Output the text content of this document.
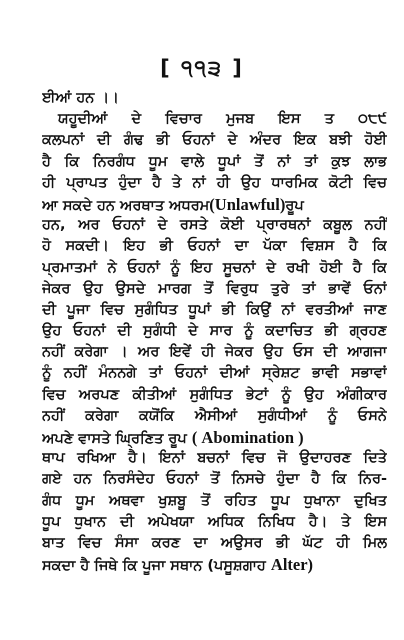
[ ੧੧੩ ]
ਈਆਂ ਹਨ ।।
ਯਹੂਦੀਆਂ ਦੇ ਵਿਚਾਰ ਮੁਜਬ ਇਸ ਤ ੦੮੯
ਕਲਪਨਾਂ ਦੀ ਗੰਢ ਭੀ ਓਹਨਾਂ ਦੇ ਅੰਦਰ ਇਕ ਬਝੀ ਹੋਈ
ਹੈ ਕਿ ਨਿਰਗੰਧ ਧੂਮ ਵਾਲੇ ਧੂਪਾਂ ਤੋਂ ਨਾਂ ਤਾਂ ਕੁਝ ਲਾਭ
ਹੀ ਪ੍ਰਾਪਤ ਹੁੰਦਾ ਹੈ ਤੇ ਨਾਂ ਹੀ ਉਹ ਧਾਰਮਿਕ ਕੋਟੀ ਵਿਚ
ਆ ਸਕਦੇ ਹਨ ਅਰਥਾਤ ਅਧਰਮ(Unlawful)ਰੂਪ
ਹਨ, ਅਰ ਓਹਨਾਂ ਦੇ ਰਸਤੇ ਕੋਈ ਪ੍ਰਾਰਥਨਾਂ ਕਬੂਲ ਨਹੀਂ
ਹੋ ਸਕਦੀ। ਇਹ ਭੀ ਓਹਨਾਂ ਦਾ ਪੱਕਾ ਵਿਸ਼ਸ ਹੈ ਕਿ
ਪ੍ਰਮਾਤਮਾਂ ਨੇ ਓਹਨਾਂ ਨੂੰ ਇਹ ਸੂਚਨਾਂ ਦੇ ਰਖੀ ਹੋਈ ਹੈ ਕਿ
ਜੇਕਰ ਉਹ ਉਸਦੇ ਮਾਰਗ ਤੋਂ ਵਿਰੁਧ ਤੁਰੇ ਤਾਂ ਭਾਵੇਂ ਓਨਾਂ
ਦੀ ਪੂਜਾ ਵਿਚ ਸੁਗੰਧਿਤ ਧੂਪਾਂ ਭੀ ਕਿਉਂ ਨਾਂ ਵਰਤੀਆਂ ਜਾਣ
ਉਹ ਓਹਨਾਂ ਦੀ ਸੁਗੰਧੀ ਦੇ ਸਾਰ ਨੂੰ ਕਦਾਚਿਤ ਭੀ ਗ੍ਰਹਣ
ਨਹੀਂ ਕਰੇਗਾ । ਅਰ ਇਵੇਂ ਹੀ ਜੇਕਰ ਉਹ ਓਸ ਦੀ ਆਗਜਾ
ਨੂੰ ਨਹੀਂ ਮੰਨਨਗੇ ਤਾਂ ਓਹਨਾਂ ਦੀਆਂ ਸ੍ਰੇਸ਼ਟ ਭਾਵੀ ਸਭਾਵਾਂ
ਵਿਚ ਅਰਪਣ ਕੀਤੀਆਂ ਸੁਗੰਧਿਤ ਭੇਟਾਂ ਨੂੰ ਉਹ ਅੰਗੀਕਾਰ
ਨਹੀਂ ਕਰੇਗਾ ਕਯੋਂਕਿ ਐਸੀਆਂ ਸੁਗੰਧੀਆਂ ਨੂੰ ਓਸਨੇ
ਅਪਣੇ ਵਾਸਤੇ ਘ੍ਰਿਣਿਤ ਰੂਪ ( Abomination )
ਥਾਪ ਰਖਿਆ ਹੈ। ਇਨਾਂ ਬਚਨਾਂ ਵਿਚ ਜੋ ਉਦਾਹਰਣ ਦਿਤੇ
ਗਏ ਹਨ ਨਿਰਸੰਦੇਹ ਓਹਨਾਂ ਤੋਂ ਨਿਸਚੇ ਹੁੰਦਾ ਹੈ ਕਿ ਨਿਰ-
ਗੰਧ ਧੂਮ ਅਥਵਾ ਖੁਸ਼ਬੂ ਤੋਂ ਰਹਿਤ ਧੂਪ ਧੁਖਾਨਾ ਦੁਖਿਤ
ਧੂਪ ਧੁਖਾਨ ਦੀ ਅਪੇਖਯਾ ਅਧਿਕ ਨਿਖਿਧ ਹੈ। ਤੇ ਇਸ
ਬਾਤ ਵਿਚ ਸੰਸਾ ਕਰਣ ਦਾ ਅਉਸਰ ਭੀ ਘੱਟ ਹੀ ਮਿਲ
ਸਕਦਾ ਹੈ ਜਿਥੇ ਕਿ ਪੂਜਾ ਸਥਾਨ (ਪਸੂਸ਼ਗਾਹ Alter)
